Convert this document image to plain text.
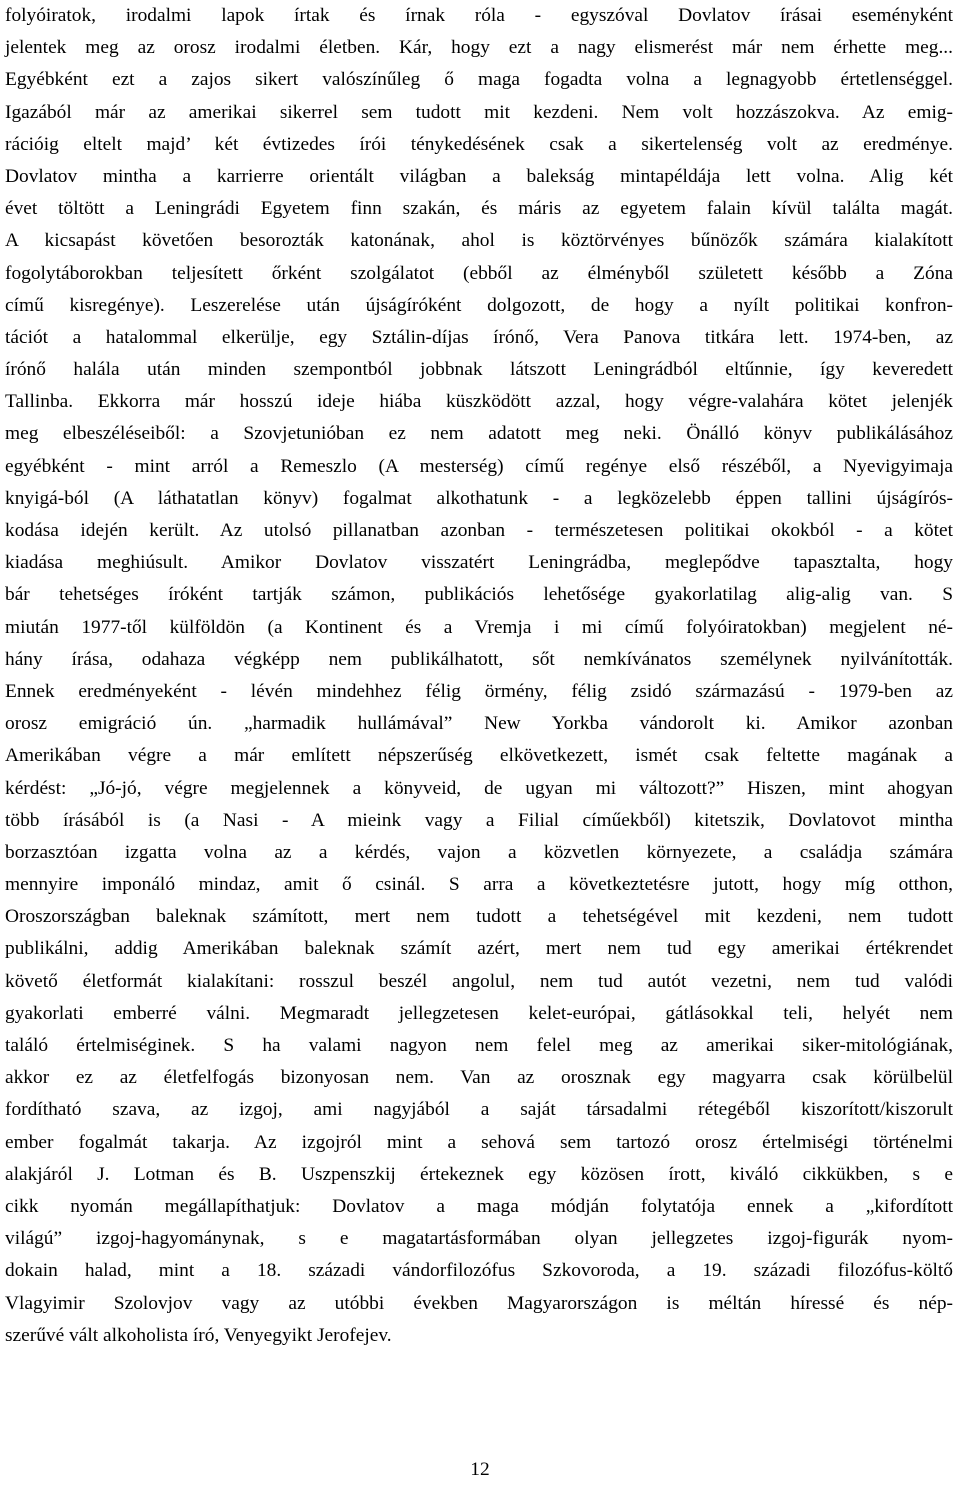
folyóiratok, irodalmi lapok írtak és írnak róla - egyszóval Dovlatov írásai eseményként
jelentek meg az orosz irodalmi életben. Kár, hogy ezt a nagy elismerést már nem érhette meg...
Egyébként ezt a zajos sikert valószínűleg ő maga fogadta volna a legnagyobb értetlenséggel.
Igazából már az amerikai sikerrel sem tudott mit kezdeni. Nem volt hozzászokva. Az emig-
rációig eltelt majd’ két évtizedes írói ténykedésének csak a sikertelenség volt az eredménye.
Dovlatov mintha a karrierre orientált világban a balekság mintapéldája lett volna. Alig két
évet töltött a Leningrádi Egyetem finn szakán, és máris az egyetem falain kívül találta magát.
A kicsapást követően besorozták katonának, ahol is köztörvényes bűnözők számára kialakított
fogolytáborokban teljesített őrként szolgálatot (ebből az élményből született később a Zóna
című kisregénye). Leszerelése után újságíróként dolgozott, de hogy a nyílt politikai konfron-
tációt a hatalommal elkerülje, egy Sztálin-díjas írónő, Vera Panova titkára lett. 1974-ben, az
írónő halála után minden szempontból jobbnak látszott Leningrádból eltűnnie, így keveredett
Tallinba. Ekkorra már hosszú ideje hiába küszködött azzal, hogy végre-valahára kötet jelenjék
meg elbeszéléseiből: a Szovjetunióban ez nem adatott meg neki. Önálló könyv publikálásához
egyébként - mint arról a Remeszlo (A mesterség) című regénye első részéből, a Nyevigyimaja
knyigá-ból (A láthatatlan könyv) fogalmat alkothatunk - a legközelebb éppen tallini újságírós-
kodása idején került. Az utolsó pillanatban azonban - természetesen politikai okokból - a kötet
kiadása meghiúsult. Amikor Dovlatov visszatért Leningrádba, meglepődve tapasztalta, hogy
bár tehetséges íróként tartják számon, publikációs lehetősége gyakorlatilag alig-alig van. S
miután 1977-től külföldön (a Kontinent és a Vremja i mi című folyóiratokban) megjelent né-
hány írása, odahaza végképp nem publikálhatott, sőt nemkívánatos személynek nyilvánították.
Ennek eredményeként - lévén mindehhez félig örmény, félig zsidó származású - 1979-ben az
orosz emigráció ún. „harmadik hullámával” New Yorkba vándorolt ki. Amikor azonban
Amerikában végre a már említett népszerűség elkövetkezett, ismét csak feltette magának a
kérdést: „Jó-jó, végre megjelennek a könyveid, de ugyan mi változott?” Hiszen, mint ahogyan
több írásából is (a Nasi - A mieink vagy a Filial címűekből) kitetszik, Dovlatovot mintha
borzasztóan izgatta volna az a kérdés, vajon a közvetlen környezete, a családja számára
mennyire imponáló mindaz, amit ő csinál. S arra a következtetésre jutott, hogy míg otthon,
Oroszországban baleknak számított, mert nem tudott a tehetségével mit kezdeni, nem tudott
publikálni, addig Amerikában baleknak számít azért, mert nem tud egy amerikai értékrendet
követő életformát kialakítani: rosszul beszél angolul, nem tud autót vezetni, nem tud valódi
gyakorlati emberré válni. Megmaradt jellegzetesen kelet-európai, gátlásokkal teli, helyét nem
találó értelmiséginek. S ha valami nagyon nem felel meg az amerikai siker-mitológiának,
akkor ez az életfelfogás bizonyosan nem. Van az orosznak egy magyarra csak körülbelül
fordítható szava, az izgoj, ami nagyjából a saját társadalmi rétegéből kiszorított/kiszorult
ember fogalmát takarja. Az izgojról mint a sehová sem tartozó orosz értelmiségi történelmi
alakjáról J. Lotman és B. Uszpenszkij értekeznek egy közösen írott, kiváló cikkükben, s e
cikk nyomán megállapíthatjuk: Dovlatov a maga módján folytatója ennek a „kifordított
világú” izgoj-hagyománynak, s e magatartásformában olyan jellegzetes izgoj-figurák nyom-
dokain halad, mint a 18. századi vándorfilozófus Szkovoroda, a 19. századi filozófus-költő
Vlagyimir Szolovjov vagy az utóbbi években Magyarországon is méltán híressé és nép-
szerűvé vált alkoholista író, Venyegyikt Jerofejev.
12
